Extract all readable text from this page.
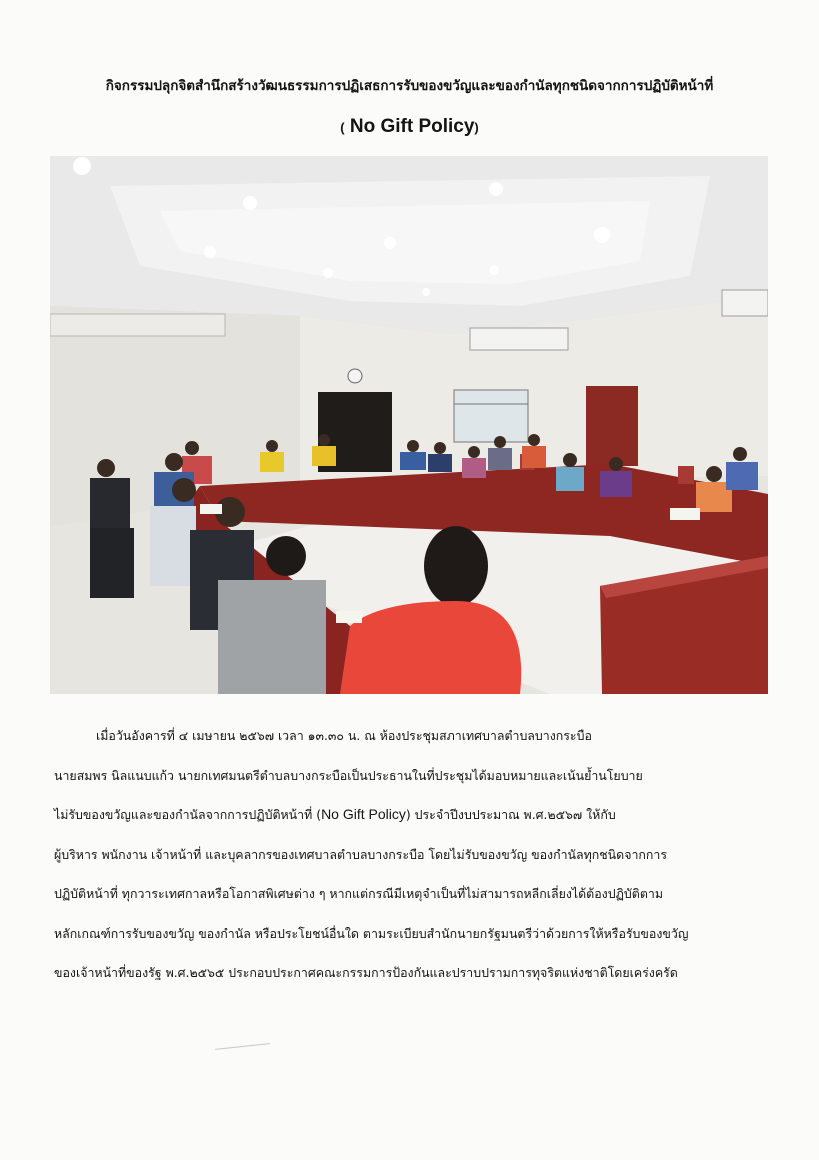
กิจกรรมปลุกจิตสำนึกสร้างวัฒนธรรมการปฏิเสธการรับของขวัญและของกำนัลทุกชนิดจากการปฏิบัติหน้าที่
( No Gift Policy)
เมื่อวันอังคารที่ ๔ เมษายน ๒๕๖๗ เวลา ๑๓.๓๐ น. ณ ห้องประชุมสภาเทศบาลตำบลบางกระบือ
นายสมพร นิลแนบแก้ว นายกเทศมนตรีตำบลบางกระบือเป็นประธานในที่ประชุมได้มอบหมายและเน้นย้ำนโยบาย
ไม่รับของขวัญและของกำนัลจากการปฏิบัติหน้าที่ (No Gift Policy) ประจำปีงบประมาณ พ.ศ.๒๕๖๗ ให้กับ
ผู้บริหาร พนักงาน เจ้าหน้าที่ และบุคลากรของเทศบาลตำบลบางกระบือ โดยไม่รับของขวัญ ของกำนัลทุกชนิดจากการ
ปฏิบัติหน้าที่ ทุกวาระเทศกาลหรือโอกาสพิเศษต่าง ๆ หากแต่กรณีมีเหตุจำเป็นที่ไม่สามารถหลีกเลี่ยงได้ต้องปฏิบัติตาม
หลักเกณฑ์การรับของขวัญ ของกำนัล หรือประโยชน์อื่นใด ตามระเบียบสำนักนายกรัฐมนตรีว่าด้วยการให้หรือรับของขวัญ
ของเจ้าหน้าที่ของรัฐ พ.ศ.๒๕๖๕ ประกอบประกาศคณะกรรมการป้องกันและปราบปรามการทุจริตแห่งชาติโดยเคร่งครัด
